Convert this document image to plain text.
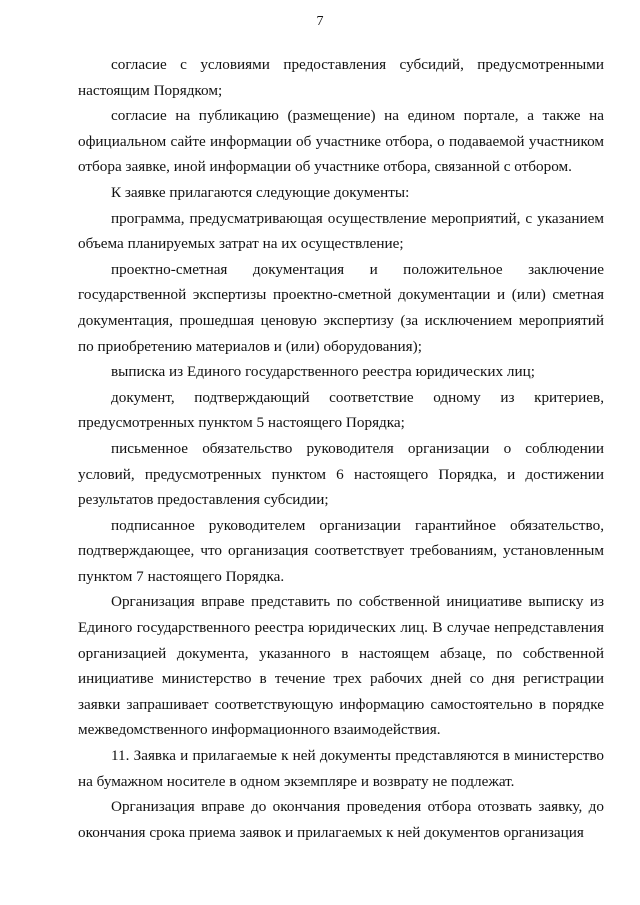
7

согласие с условиями предоставления субсидий, предусмотренными настоящим Порядком;

согласие на публикацию (размещение) на едином портале, а также на официальном сайте информации об участнике отбора, о подаваемой участником отбора заявке, иной информации об участнике отбора, связанной с отбором.

К заявке прилагаются следующие документы:

программа, предусматривающая осуществление мероприятий, с указанием объема планируемых затрат на их осуществление;

проектно-сметная документация и положительное заключение государственной экспертизы проектно-сметной документации и (или) сметная документация, прошедшая ценовую экспертизу (за исключением мероприятий по приобретению материалов и (или) оборудования);

выписка из Единого государственного реестра юридических лиц;

документ, подтверждающий соответствие одному из критериев, предусмотренных пунктом 5 настоящего Порядка;

письменное обязательство руководителя организации о соблюдении условий, предусмотренных пунктом 6 настоящего Порядка, и достижении результатов предоставления субсидии;

подписанное руководителем организации гарантийное обязательство, подтверждающее, что организация соответствует требованиям, установленным пунктом 7 настоящего Порядка.

Организация вправе представить по собственной инициативе выписку из Единого государственного реестра юридических лиц. В случае непредставления организацией документа, указанного в настоящем абзаце, по собственной инициативе министерство в течение трех рабочих дней со дня регистрации заявки запрашивает соответствующую информацию самостоятельно в порядке межведомственного информационного взаимодействия.

11. Заявка и прилагаемые к ней документы представляются в министерство на бумажном носителе в одном экземпляре и возврату не подлежат.

Организация вправе до окончания проведения отбора отозвать заявку, до окончания срока приема заявок и прилагаемых к ней документов организация
